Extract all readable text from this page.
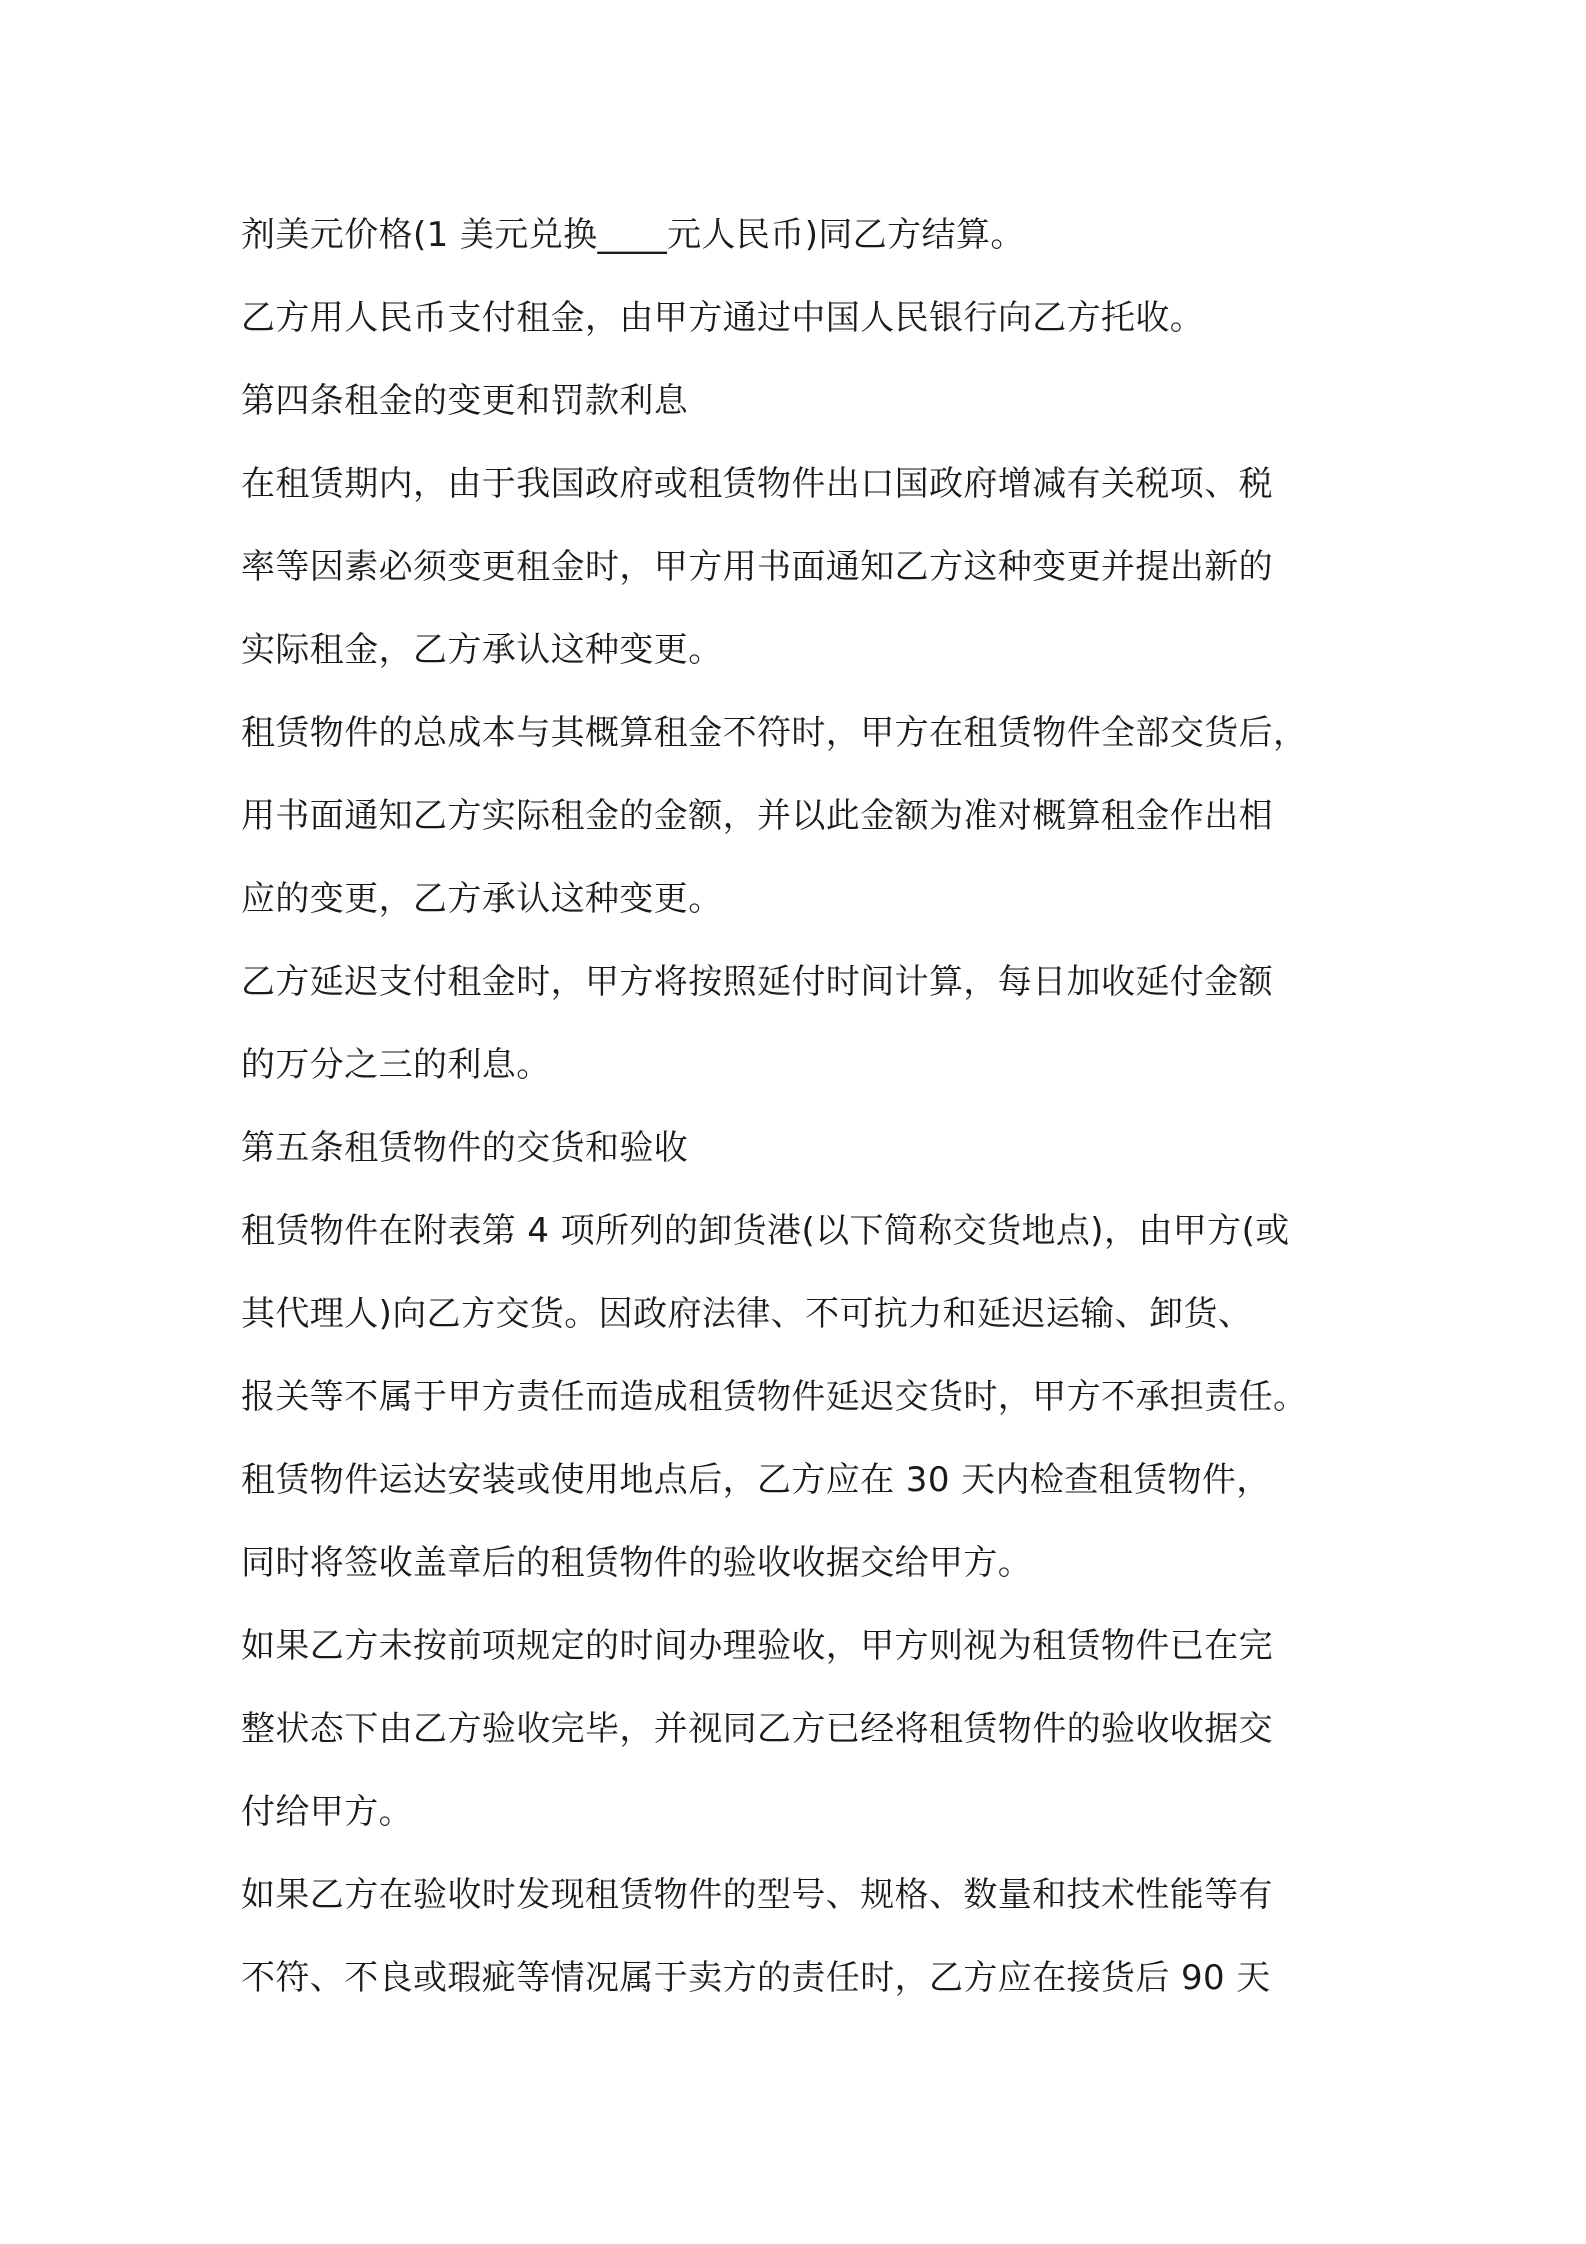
剂美元价格(1 美元兑换____元人民币)同乙方结算。
乙方用人民币支付租金，由甲方通过中国人民银行向乙方托收。
第四条租金的变更和罚款利息
在租赁期内，由于我国政府或租赁物件出口国政府增减有关税项、税
率等因素必须变更租金时，甲方用书面通知乙方这种变更并提出新的
实际租金，乙方承认这种变更。
租赁物件的总成本与其概算租金不符时，甲方在租赁物件全部交货后，
用书面通知乙方实际租金的金额，并以此金额为准对概算租金作出相
应的变更，乙方承认这种变更。
乙方延迟支付租金时，甲方将按照延付时间计算，每日加收延付金额
的万分之三的利息。
第五条租赁物件的交货和验收
租赁物件在附表第 4 项所列的卸货港(以下简称交货地点)，由甲方(或
其代理人)向乙方交货。因政府法律、不可抗力和延迟运输、卸货、
报关等不属于甲方责任而造成租赁物件延迟交货时，甲方不承担责任。
租赁物件运达安装或使用地点后，乙方应在 30 天内检查租赁物件，
同时将签收盖章后的租赁物件的验收收据交给甲方。
如果乙方未按前项规定的时间办理验收，甲方则视为租赁物件已在完
整状态下由乙方验收完毕，并视同乙方已经将租赁物件的验收收据交
付给甲方。
如果乙方在验收时发现租赁物件的型号、规格、数量和技术性能等有
不符、不良或瑕疵等情况属于卖方的责任时，乙方应在接货后 90 天
